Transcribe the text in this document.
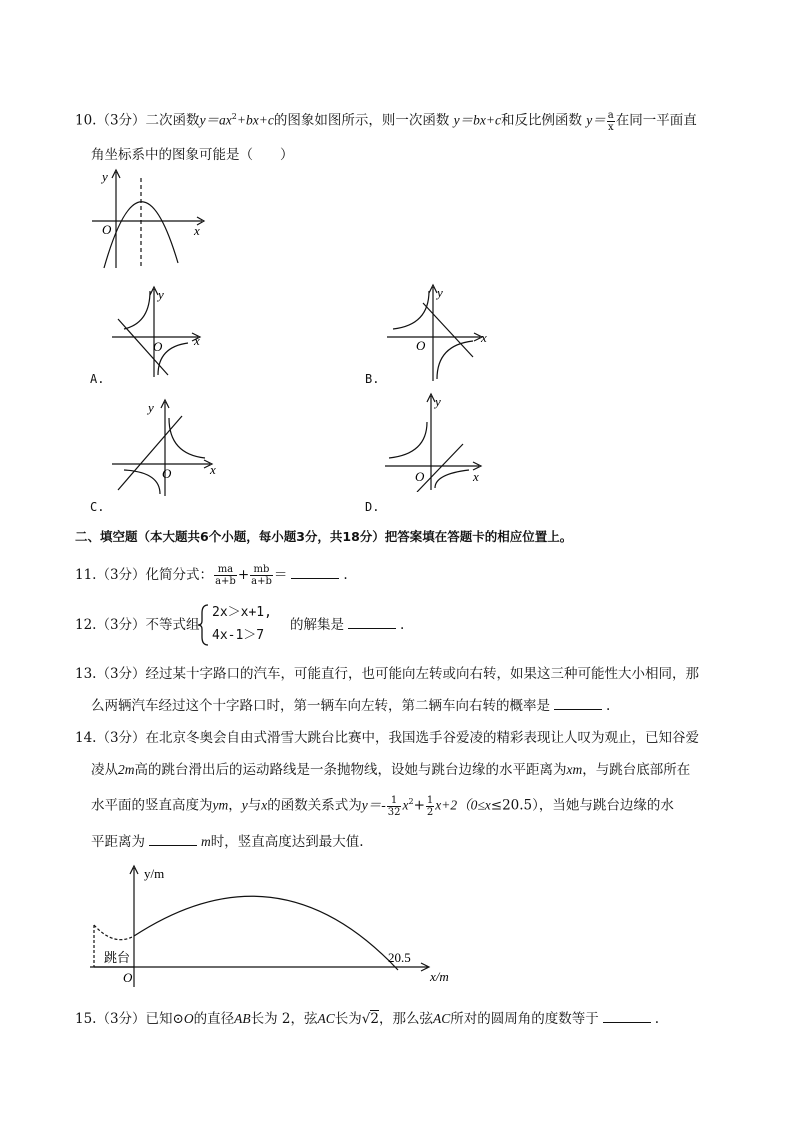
10.（3分）二次函数$y=ax^2+bx+c$的图象如图所示，则一次函数 y＝bx+c和反比例函数 $y= \frac{a}{x}$ 在同一平面直
角坐标系中的图象可能是（　　）
y
x
O
y
x
O
A.
y
x
O
B.
y
x
O
C.
y
x
O
D.
二、填空题（本大题共6个小题，每小题3分，共18分）把答案填在答题卡的相应位置上。
11.（3分）化简分式： $\frac{ma}{a+b} + \frac{mb}{a+b}$ ＝	.
12.（3分）不等式组
2x＞x+1,
4x-1＞7
的解集是	.
13.（3分）经过某十字路口的汽车，可能直行，也可能向左转或向右转，如果这三种可能性大小相同，那
么两辆汽车经过这个十字路口时，第一辆车向左转，第二辆车向右转的概率是	.
14.（3分）在北京冬奥会自由式滑雪大跳台比赛中，我国选手谷爱凌的精彩表现让人叹为观止，已知谷爱
凌从2m高的跳台滑出后的运动路线是一条抛物线，设她与跳台边缘的水平距离为xm，与跳台底部所在
水平面的竖直高度为ym，y与x的函数关系式为$y=- \frac{1}{32} x^2+ \frac{1}{2} x+2(0\le x\le 20.5)$，当她与跳台边缘的水
平距离为	m时，竖直高度达到最大值.
y/m
x/m
跳台
O
20.5
15.（3分）已知⊙O的直径AB长为 2，弦AC长为√2，那么弦AC所对的圆周角的度数等于	.
